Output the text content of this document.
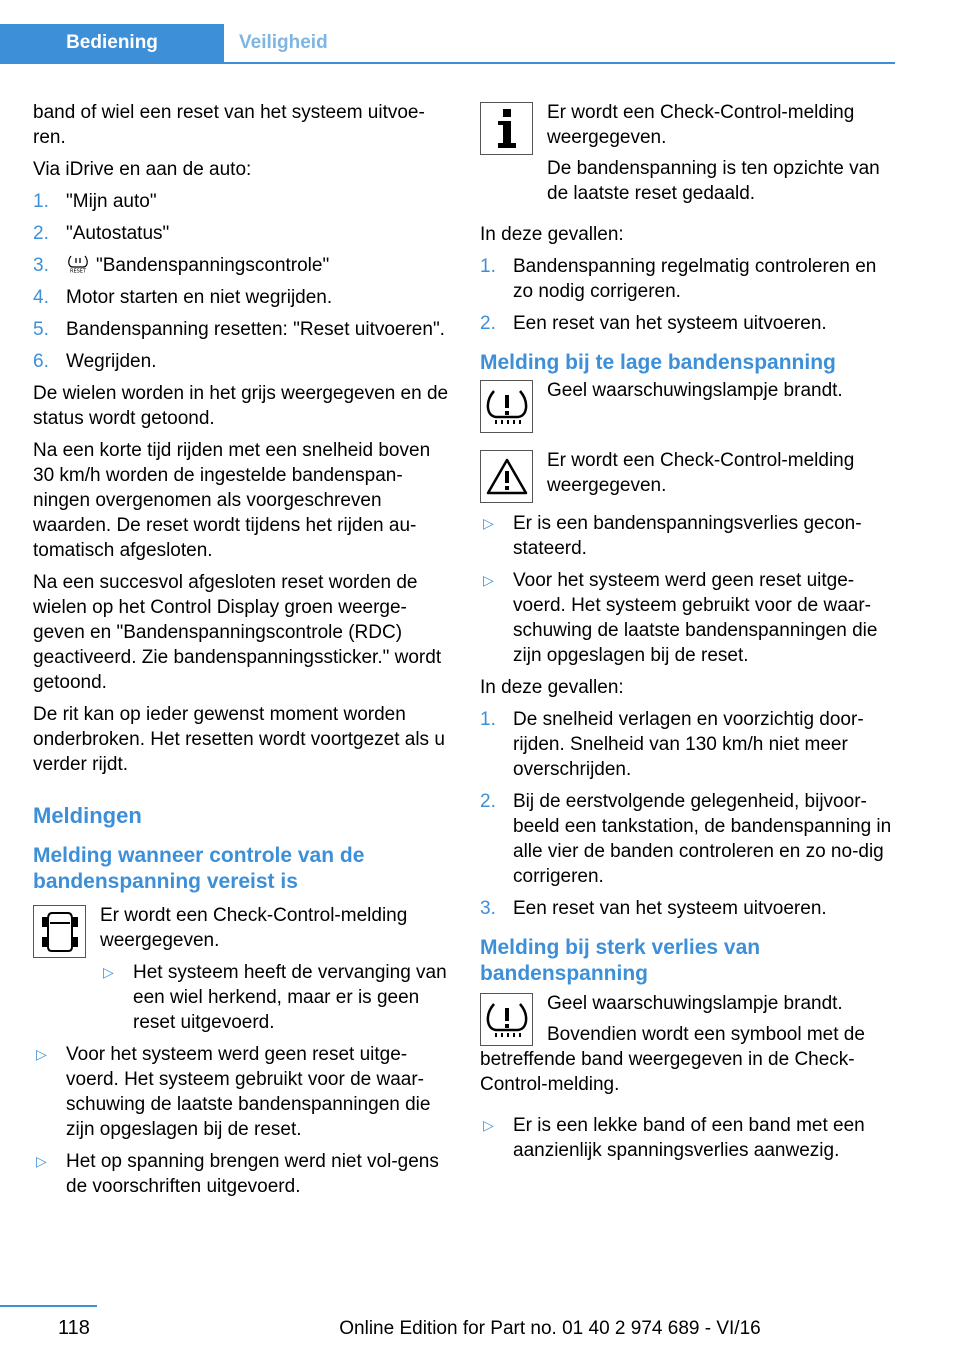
Bediening	Veiligheid

band of wiel een reset van het systeem uitvoe-ren.

Via iDrive en aan de auto:

1. "Mijn auto"
2. "Autostatus"
3.	RESET "Bandenspanningscontrole"
4. Motor starten en niet wegrijden.
5. Bandenspanning resetten: "Reset uitvoeren".
6. Wegrijden.

De wielen worden in het grijs weergegeven en de status wordt getoond.

Na een korte tijd rijden met een snelheid boven 30 km/h worden de ingestelde bandenspan-ningen overgenomen als voorgeschreven waarden. De reset wordt tijdens het rijden au-tomatisch afgesloten.

Na een succesvol afgesloten reset worden de wielen op het Control Display groen weerge-geven en "Bandenspanningscontrole (RDC) geactiveerd. Zie bandenspanningssticker." wordt getoond.

De rit kan op ieder gewenst moment worden onderbroken. Het resetten wordt voortgezet als u verder rijdt.

Meldingen
Melding wanneer controle van de bandenspanning vereist is

Er wordt een Check-Control-melding weergegeven.

▷ Het systeem heeft de vervanging van een wiel herkend, maar er is geen reset uitgevoerd.
▷ Voor het systeem werd geen reset uitge-voerd. Het systeem gebruikt voor de waar-schuwing de laatste bandenspanningen die zijn opgeslagen bij de reset.
▷ Het op spanning brengen werd niet vol-gens de voorschriften uitgevoerd.

Er wordt een Check-Control-melding weergegeven.

De bandenspanning is ten opzichte van de laatste reset gedaald.

In deze gevallen:

1. Bandenspanning regelmatig controleren en zo nodig corrigeren.
2. Een reset van het systeem uitvoeren.
Melding bij te lage bandenspanning

Geel waarschuwingslampje brandt.

Er wordt een Check-Control-melding weergegeven.

▷ Er is een bandenspanningsverlies gecon-stateerd.
▷ Voor het systeem werd geen reset uitge-voerd. Het systeem gebruikt voor de waar-schuwing de laatste bandenspanningen die zijn opgeslagen bij de reset.

In deze gevallen:

1. De snelheid verlagen en voorzichtig door-rijden. Snelheid van 130 km/h niet meer overschrijden.
2. Bij de eerstvolgende gelegenheid, bijvoor-beeld een tankstation, de bandenspanning in alle vier de banden controleren en zo no-dig corrigeren.
3. Een reset van het systeem uitvoeren.
Melding bij sterk verlies van bandenspanning

Geel waarschuwingslampje brandt.

Bovendien wordt een symbool met de betreffende band weergegeven in de Check-Control-melding.

▷ Er is een lekke band of een band met een aanzienlijk spanningsverlies aanwezig.
118	Online Edition for Part no. 01 40 2 974 689 - VI/16
